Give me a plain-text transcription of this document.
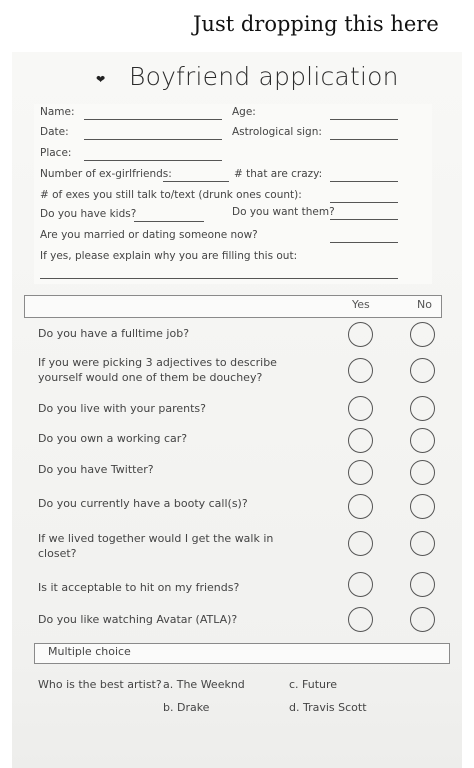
Just dropping this here
❤ Boyfriend application
Name:	Age:
Date:	Astrological sign:
Place:
Number of ex-girlfriends:	# that are crazy:
# of exes you still talk to/text (drunk ones count):
Do you have kids?	Do you want them?
Are you married or dating someone now?
If yes, please explain why you are filling this out:
Yes	No
Do you have a fulltime job?
If you were picking 3 adjectives to describe
yourself would one of them be douchey?
Do you live with your parents?
Do you own a working car?
Do you have Twitter?
Do you currently have a booty call(s)?
If we lived together would I get the walk in
closet?
Is it acceptable to hit on my friends?
Do you like watching Avatar (ATLA)?
Multiple choice
Who is the best artist? a. The Weeknd	c. Future
b. Drake	d. Travis Scott
